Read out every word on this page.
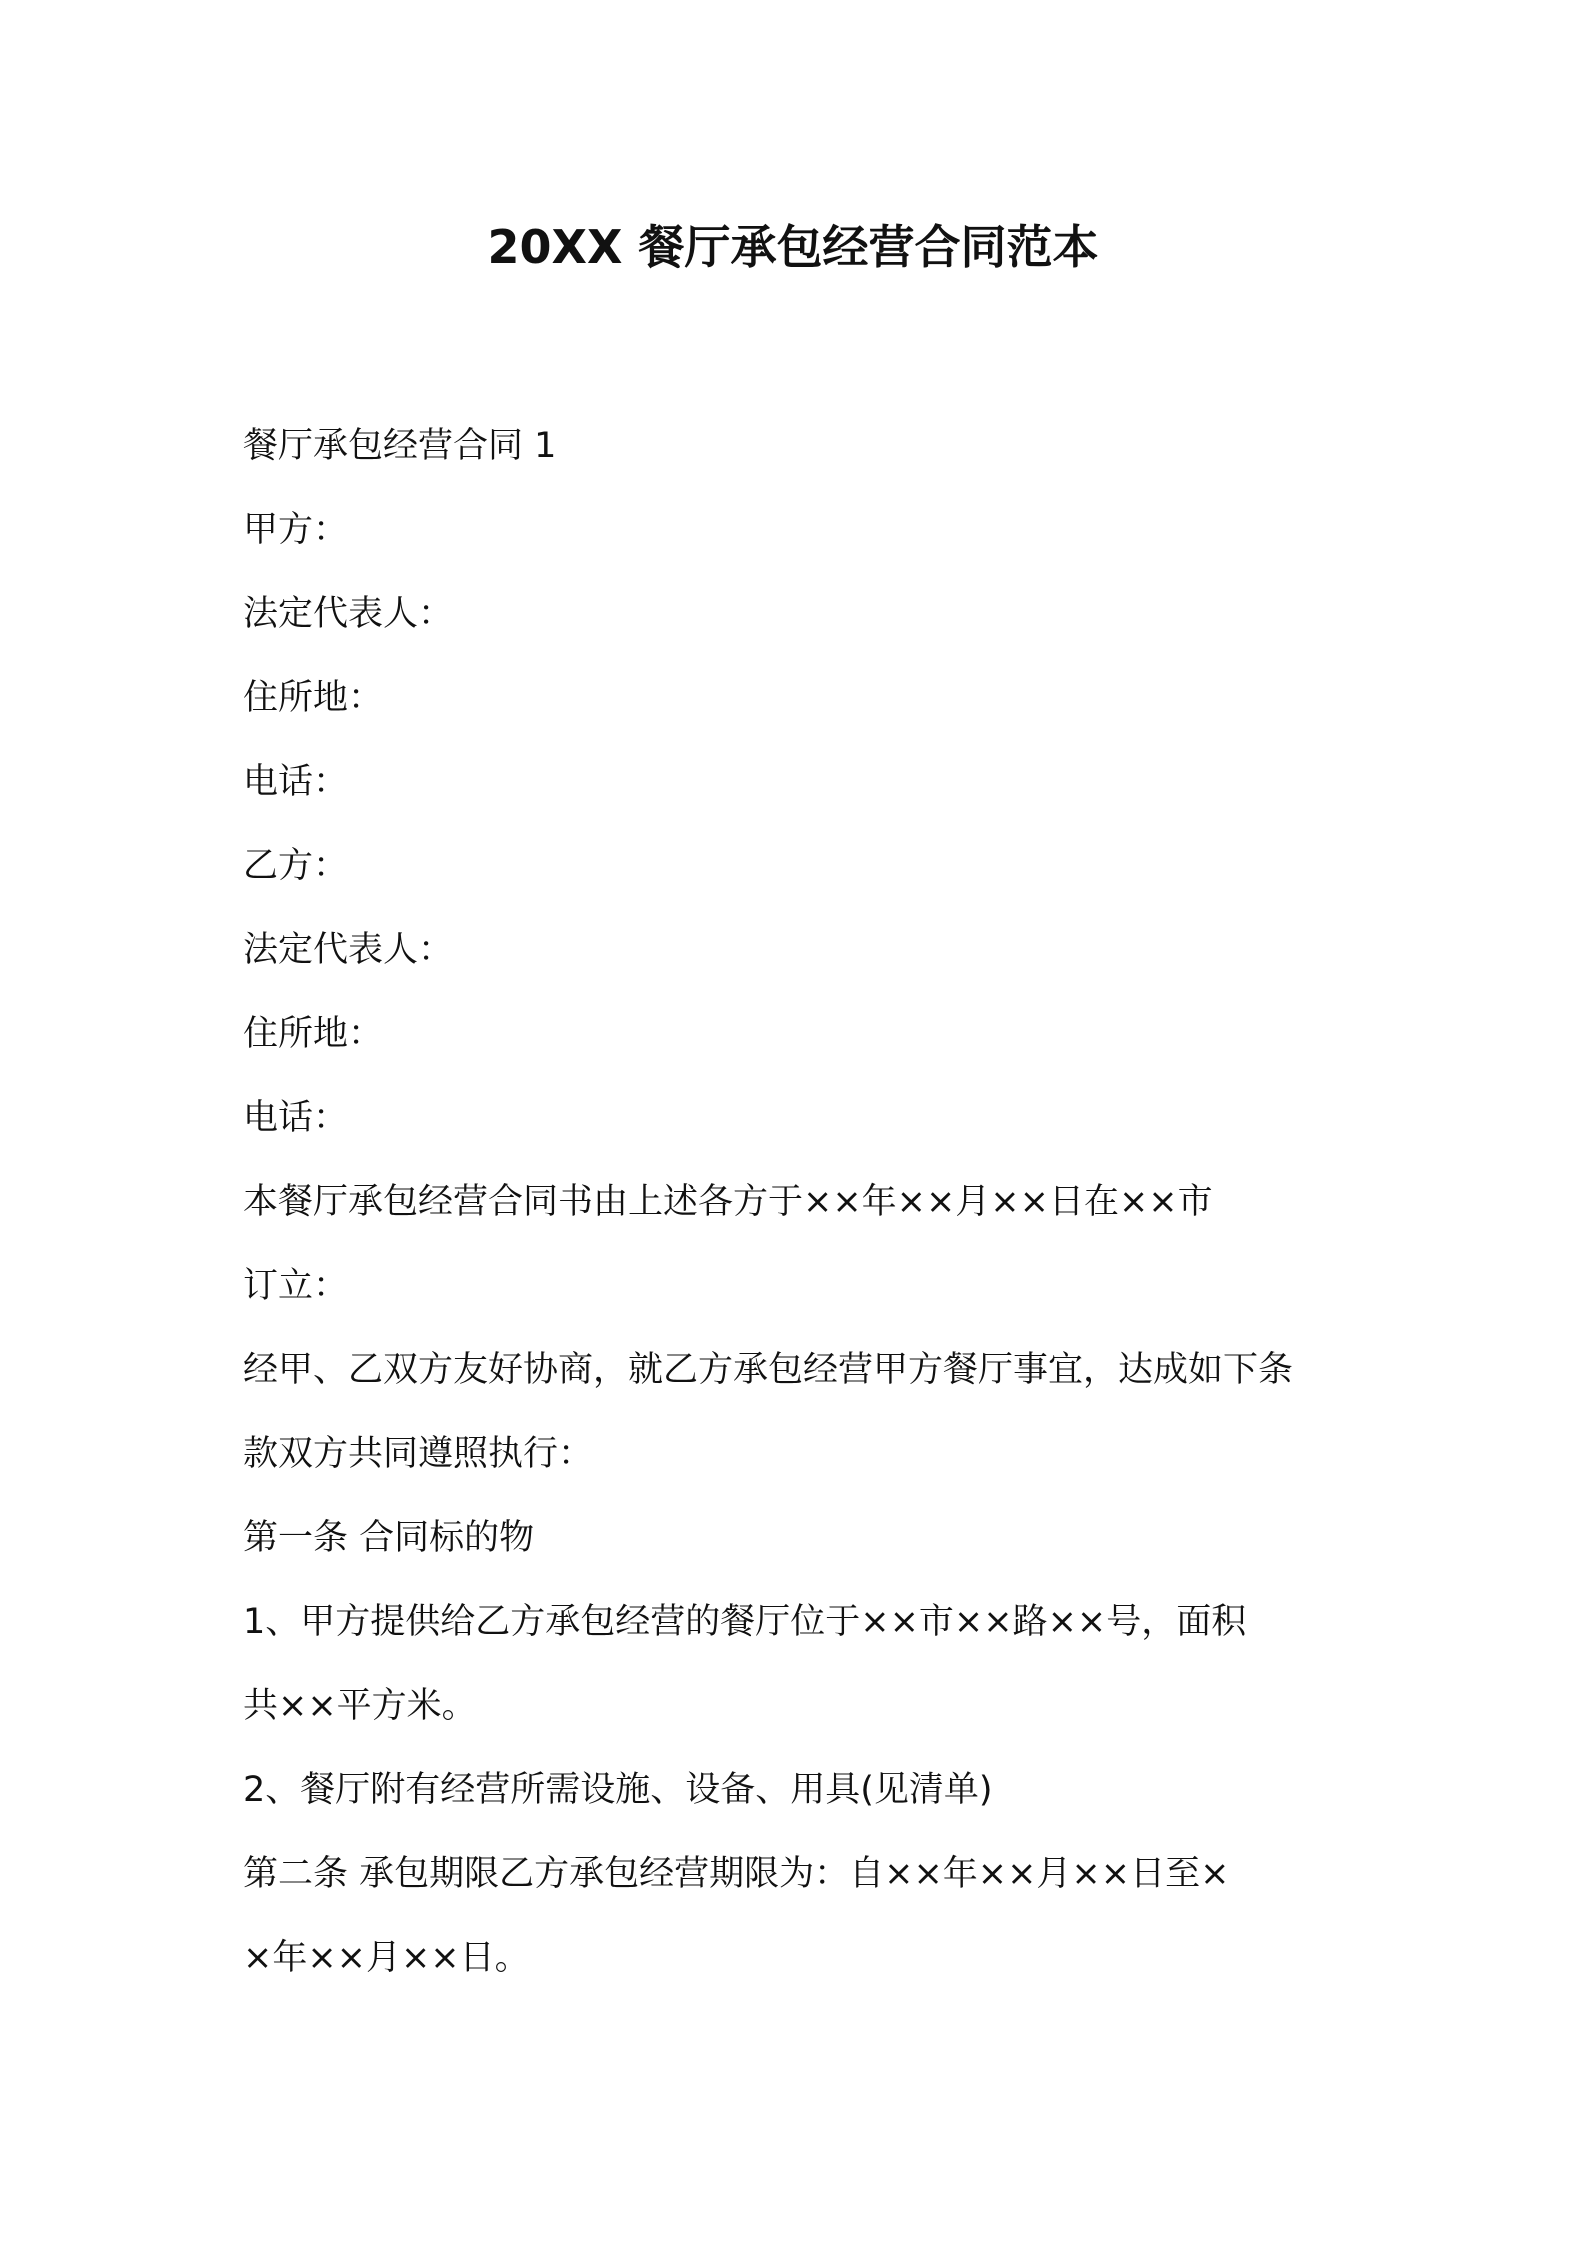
20XX 餐厅承包经营合同范本

餐厅承包经营合同 1

甲方：

法定代表人：

住所地：

电话：

乙方：

法定代表人：

住所地：

电话：

本餐厅承包经营合同书由上述各方于××年××月××日在××市

订立：

经甲、乙双方友好协商，就乙方承包经营甲方餐厅事宜，达成如下条

款双方共同遵照执行：

第一条 合同标的物

1、甲方提供给乙方承包经营的餐厅位于××市××路××号，面积

共××平方米。

2、餐厅附有经营所需设施、设备、用具(见清单)

第二条 承包期限乙方承包经营期限为：自××年××月××日至×

×年××月××日。
